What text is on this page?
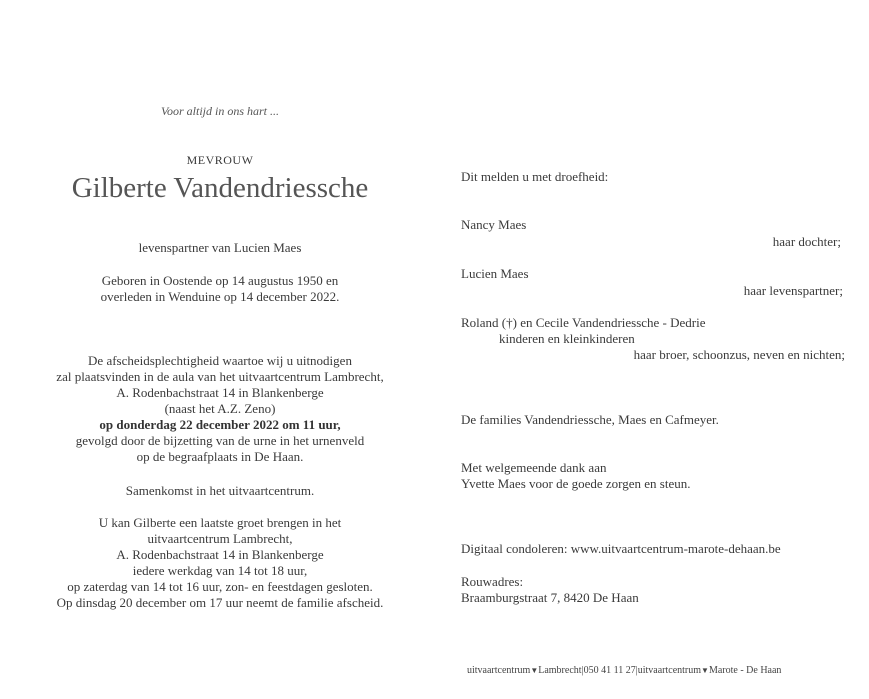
Voor altijd in ons hart ...
MEVROUW
Gilberte Vandendriessche
levenspartner van Lucien Maes
Geboren in Oostende op 14 augustus 1950 en
overleden in Wenduine op 14 december 2022.
De afscheidsplechtigheid waartoe wij u uitnodigen
zal plaatsvinden in de aula van het uitvaartcentrum Lambrecht,
A. Rodenbachstraat 14 in Blankenberge
(naast het A.Z. Zeno)
op donderdag 22 december 2022 om 11 uur,
gevolgd door de bijzetting van de urne in het urnenveld
op de begraafplaats in De Haan.
Samenkomst in het uitvaartcentrum.
U kan Gilberte een laatste groet brengen in het
uitvaartcentrum Lambrecht,
A. Rodenbachstraat 14 in Blankenberge
iedere werkdag van 14 tot 18 uur,
op zaterdag van 14 tot 16 uur, zon- en feestdagen gesloten.
Op dinsdag 20 december om 17 uur neemt de familie afscheid.
Dit melden u met droefheid:
Nancy Maes
haar dochter;
Lucien Maes
haar levenspartner;
Roland (†) en Cecile Vandendriessche - Dedrie
kinderen en kleinkinderen
haar broer, schoonzus, neven en nichten;
De families Vandendriessche, Maes en Cafmeyer.
Met welgemeende dank aan
Yvette Maes voor de goede zorgen en steun.
Digitaal condoleren: www.uitvaartcentrum-marote-dehaan.be
Rouwadres:
Braamburgstraat 7, 8420 De Haan
uitvaartcentrum▼Lambrecht|050 41 11 27|uitvaartcentrum▼Marote - De Haan
